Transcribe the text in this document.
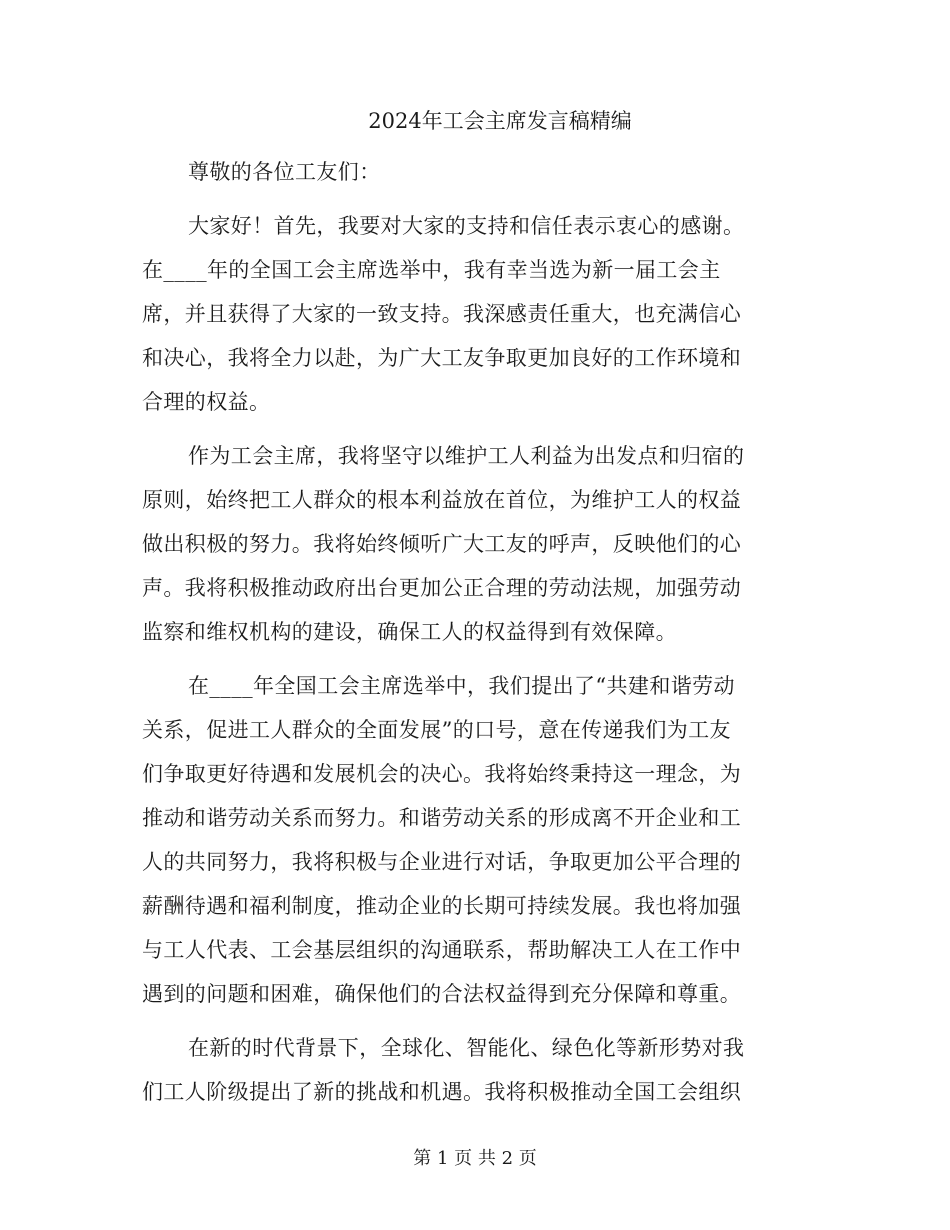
2024年工会主席发言稿精编
尊敬的各位工友们：
大家好！首先，我要对大家的支持和信任表示衷心的感谢。
在____年的全国工会主席选举中，我有幸当选为新一届工会主
席，并且获得了大家的一致支持。我深感责任重大，也充满信心
和决心，我将全力以赴，为广大工友争取更加良好的工作环境和
合理的权益。
作为工会主席，我将坚守以维护工人利益为出发点和归宿的
原则，始终把工人群众的根本利益放在首位，为维护工人的权益
做出积极的努力。我将始终倾听广大工友的呼声，反映他们的心
声。我将积极推动政府出台更加公正合理的劳动法规，加强劳动
监察和维权机构的建设，确保工人的权益得到有效保障。
在____年全国工会主席选举中，我们提出了“共建和谐劳动
关系，促进工人群众的全面发展”的口号，意在传递我们为工友
们争取更好待遇和发展机会的决心。我将始终秉持这一理念，为
推动和谐劳动关系而努力。和谐劳动关系的形成离不开企业和工
人的共同努力，我将积极与企业进行对话，争取更加公平合理的
薪酬待遇和福利制度，推动企业的长期可持续发展。我也将加强
与工人代表、工会基层组织的沟通联系，帮助解决工人在工作中
遇到的问题和困难，确保他们的合法权益得到充分保障和尊重。
在新的时代背景下，全球化、智能化、绿色化等新形势对我
们工人阶级提出了新的挑战和机遇。我将积极推动全国工会组织
第 1 页 共 2 页
